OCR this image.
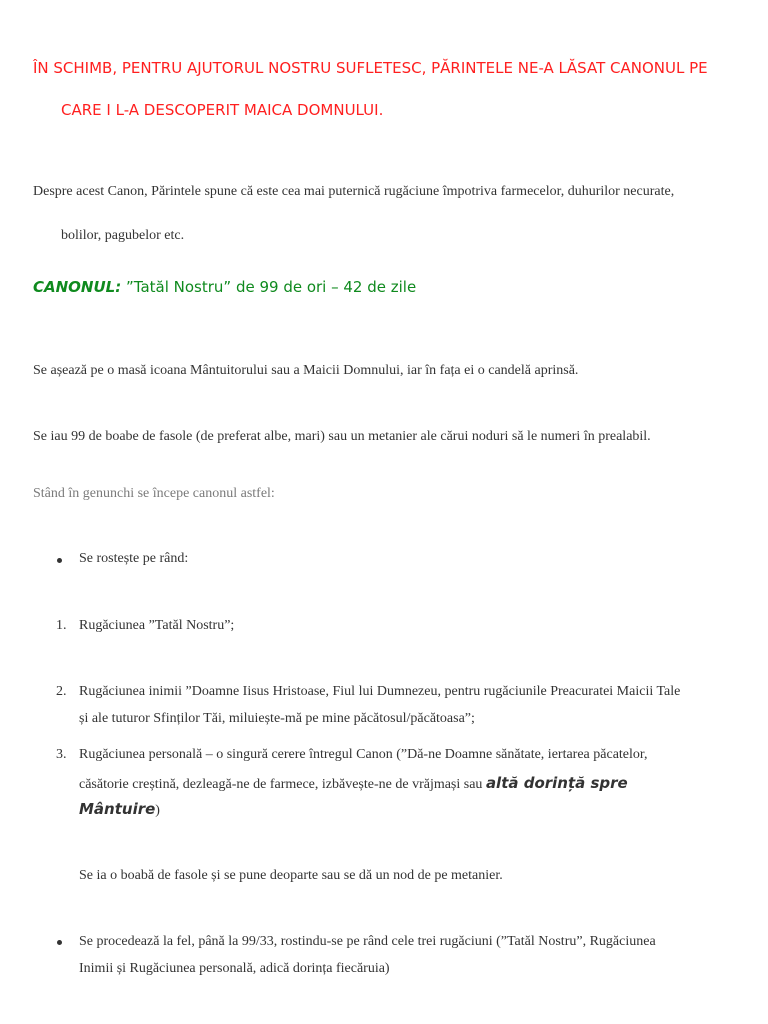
ÎN SCHIMB, PENTRU AJUTORUL NOSTRU SUFLETESC, PĂRINTELE NE-A LĂSAT CANONUL PE
CARE I L-A DESCOPERIT MAICA DOMNULUI.
Despre acest Canon, Părintele spune că este cea mai puternică rugăciune împotriva farmecelor, duhurilor necurate,
bolilor, pagubelor etc.
CANONUL: ”Tatăl Nostru” de 99 de ori – 42 de zile
Se așează pe o masă icoana Mântuitorului sau a Maicii Domnului, iar în fața ei o candelă aprinsă.
Se iau 99 de boabe de fasole (de preferat albe, mari) sau un metanier ale cărui noduri să le numeri în prealabil.
Stând în genunchi se începe canonul astfel:
Se rostește pe rând:
1. Rugăciunea ”Tatăl Nostru”;
2. Rugăciunea inimii ”Doamne Iisus Hristoase, Fiul lui Dumnezeu, pentru rugăciunile Preacuratei Maicii Tale
și ale tuturor Sfinților Tăi, miluiește-mă pe mine păcătosul/păcătoasa”;
3. Rugăciunea personală – o singură cerere întregul Canon (”Dă-ne Doamne sănătate, iertarea păcatelor,
căsătorie creștină, dezleagă-ne de farmece, izbăvește-ne de vrăjmași sau altă dorință spre
Mântuire)
Se ia o boabă de fasole și se pune deoparte sau se dă un nod de pe metanier.
Se procedează la fel, până la 99/33, rostindu-se pe rând cele trei rugăciuni (”Tatăl Nostru”, Rugăciunea
Inimii și Rugăciunea personală, adică dorința fiecăruia)
